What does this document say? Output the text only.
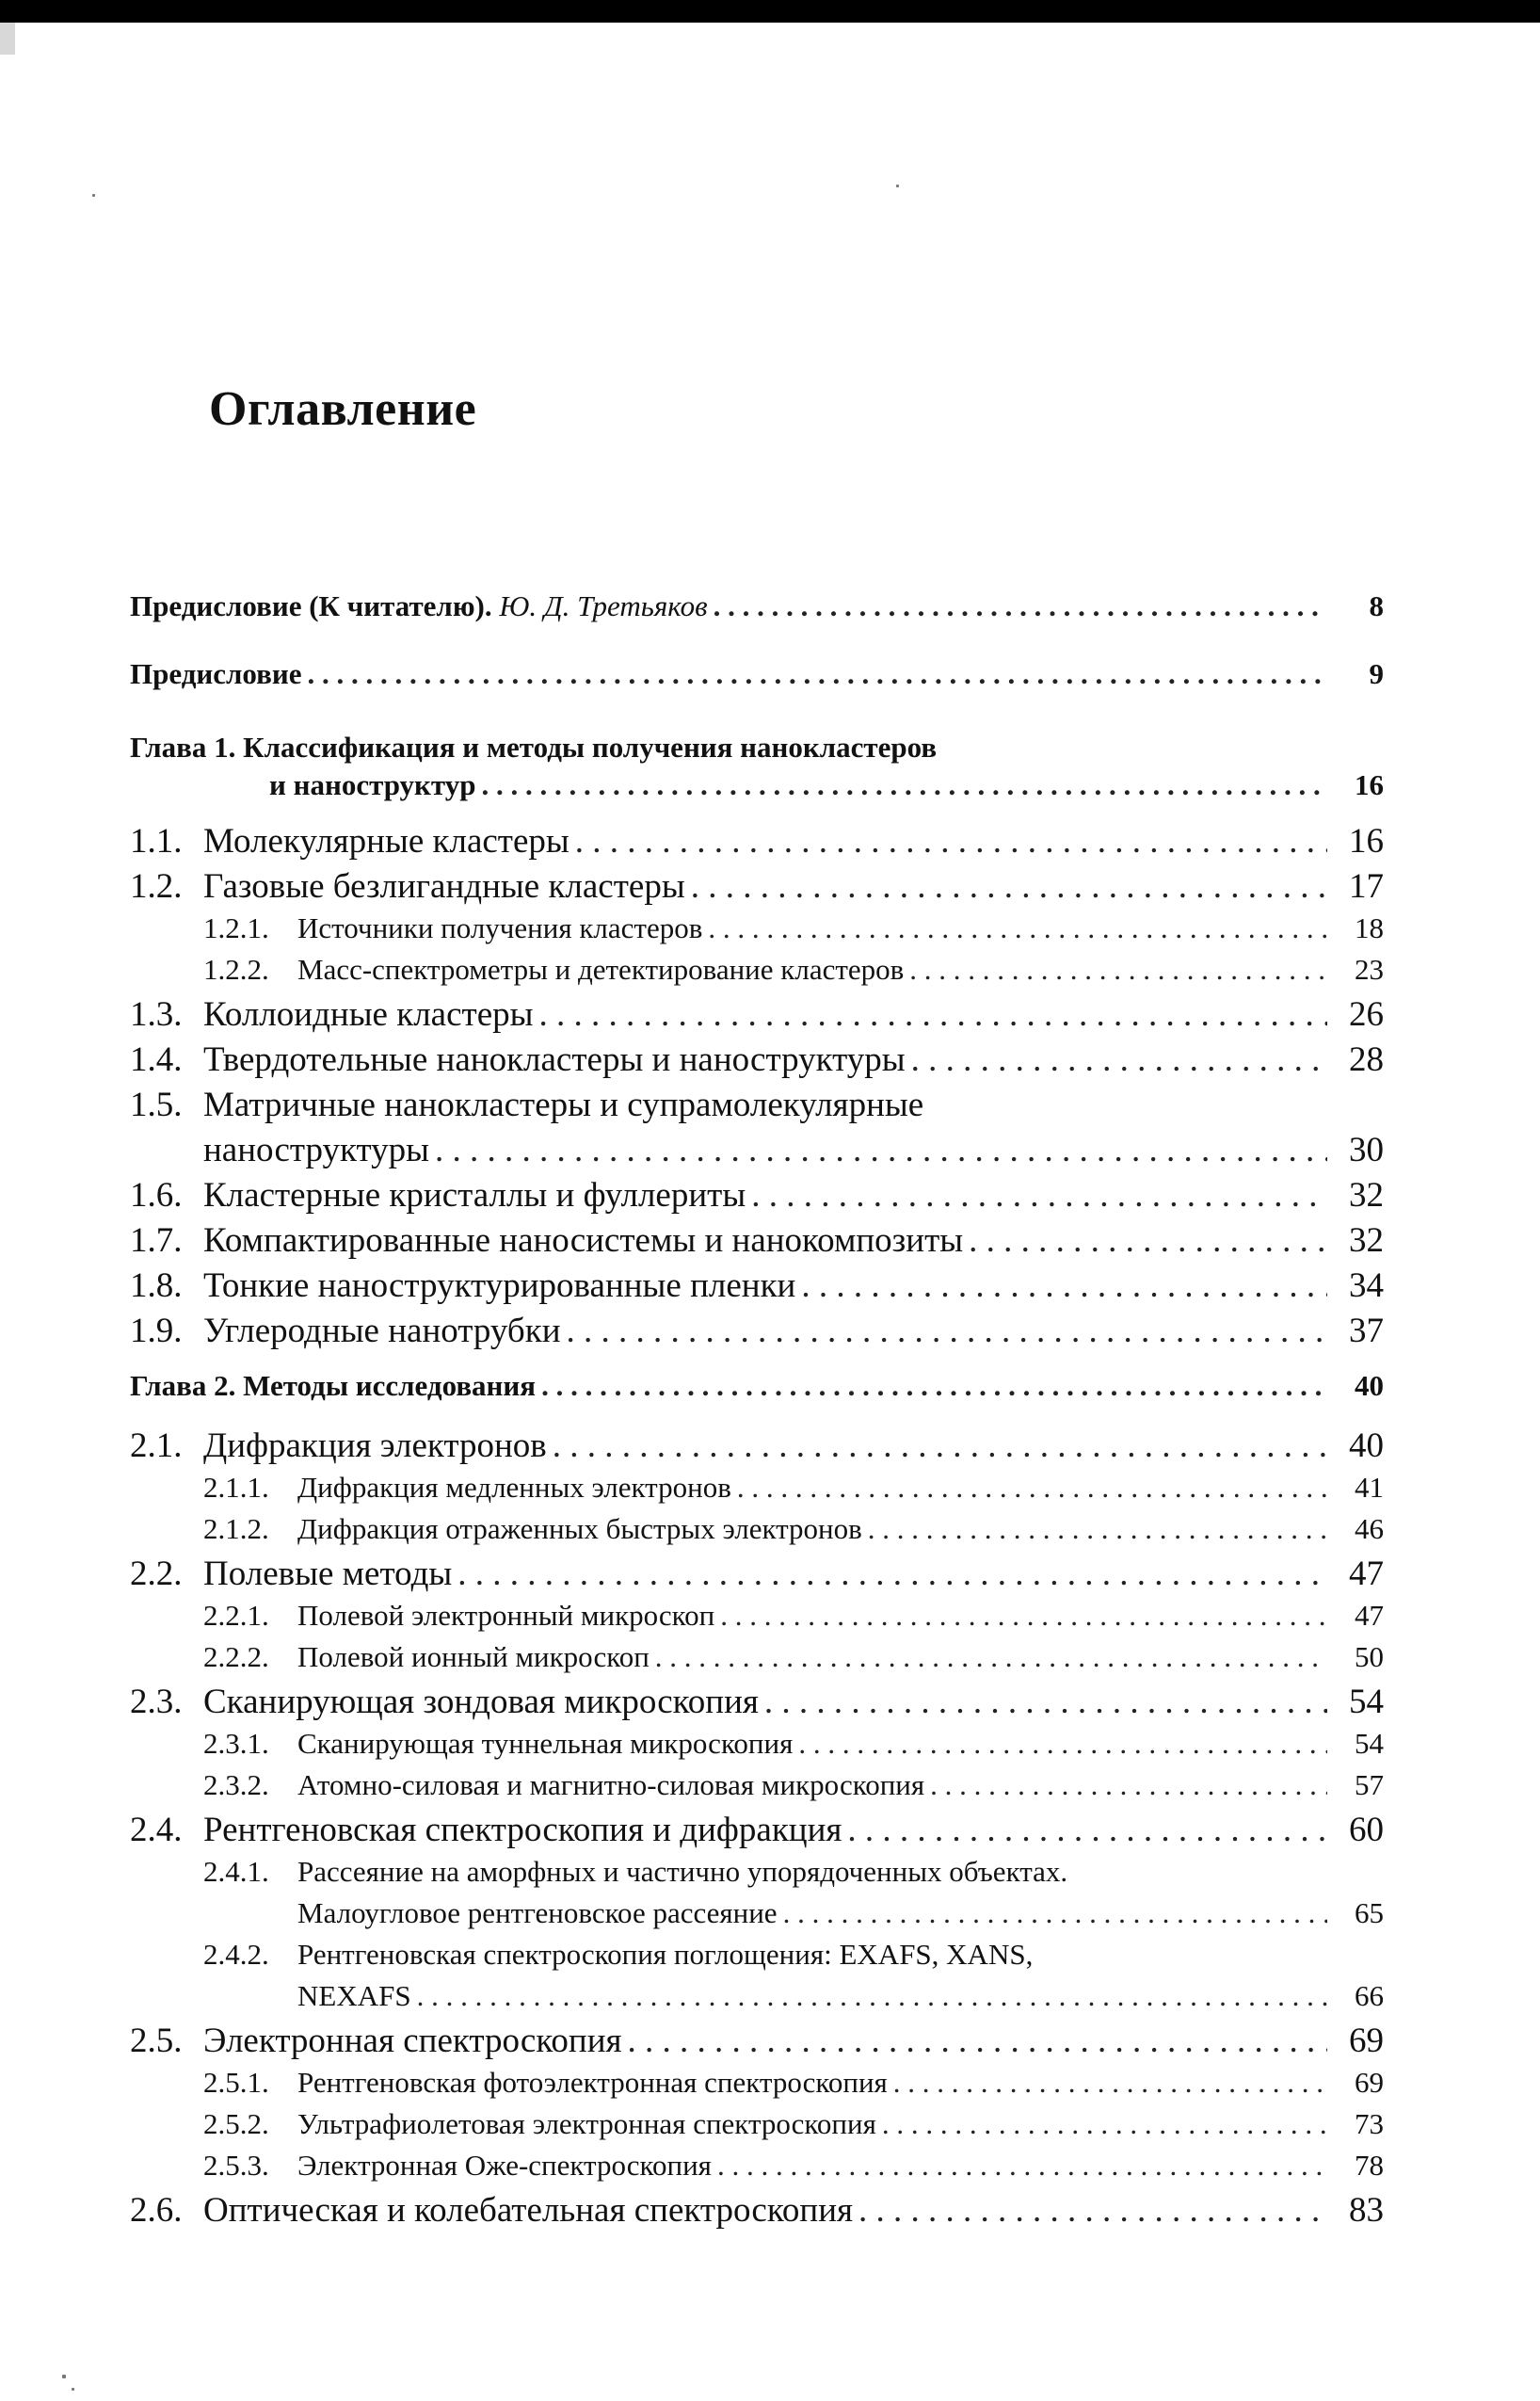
Оглавление
Предисловие (К читателю).
Ю. Д. Третьяков . . .	8
Предисловие . . .	9
Глава 1. Классификация и методы получения нанокластеров
и наноструктур . . .	16
1.1. Молекулярные кластеры . . .	16
1.2. Газовые безлигандные кластеры . . .	17
1.2.1. Источники получения кластеров . . .	18
1.2.2. Масс-спектрометры и детектирование кластеров . . .	23
1.3. Коллоидные кластеры . . .	26
1.4. Твердотельные нанокластеры и наноструктуры . . .	28
1.5. Матричные нанокластеры и супрамолекулярные
наноструктуры . . .	30
1.6. Кластерные кристаллы и фуллериты . . .	32
1.7. Компактированные наносистемы и нанокомпозиты . . .	32
1.8. Тонкие наноструктурированные пленки . . .	34
1.9. Углеродные нанотрубки . . .	37
Глава 2. Методы исследования . . .	40
2.1. Дифракция электронов . . .	40
2.1.1. Дифракция медленных электронов . . .	41
2.1.2. Дифракция отраженных быстрых электронов . . .	46
2.2. Полевые методы . . .	47
2.2.1. Полевой электронный микроскоп . . .	47
2.2.2. Полевой ионный микроскоп . . .	50
2.3. Сканирующая зондовая микроскопия . . .	54
2.3.1. Сканирующая туннельная микроскопия . . .	54
2.3.2. Атомно-силовая и магнитно-силовая микроскопия . . .	57
2.4. Рентгеновская спектроскопия и дифракция . . .	60
2.4.1. Рассеяние на аморфных и частично упорядоченных объектах.
Малоугловое рентгеновское рассеяние . . .	65
2.4.2. Рентгеновская спектроскопия поглощения: EXAFS, XANS,
NEXAFS . . .	66
2.5. Электронная спектроскопия . . .	69
2.5.1. Рентгеновская фотоэлектронная спектроскопия . . .	69
2.5.2. Ультрафиолетовая электронная спектроскопия . . .	73
2.5.3. Электронная Оже-спектроскопия . . .	78
2.6. Оптическая и колебательная спектроскопия . . .	83
